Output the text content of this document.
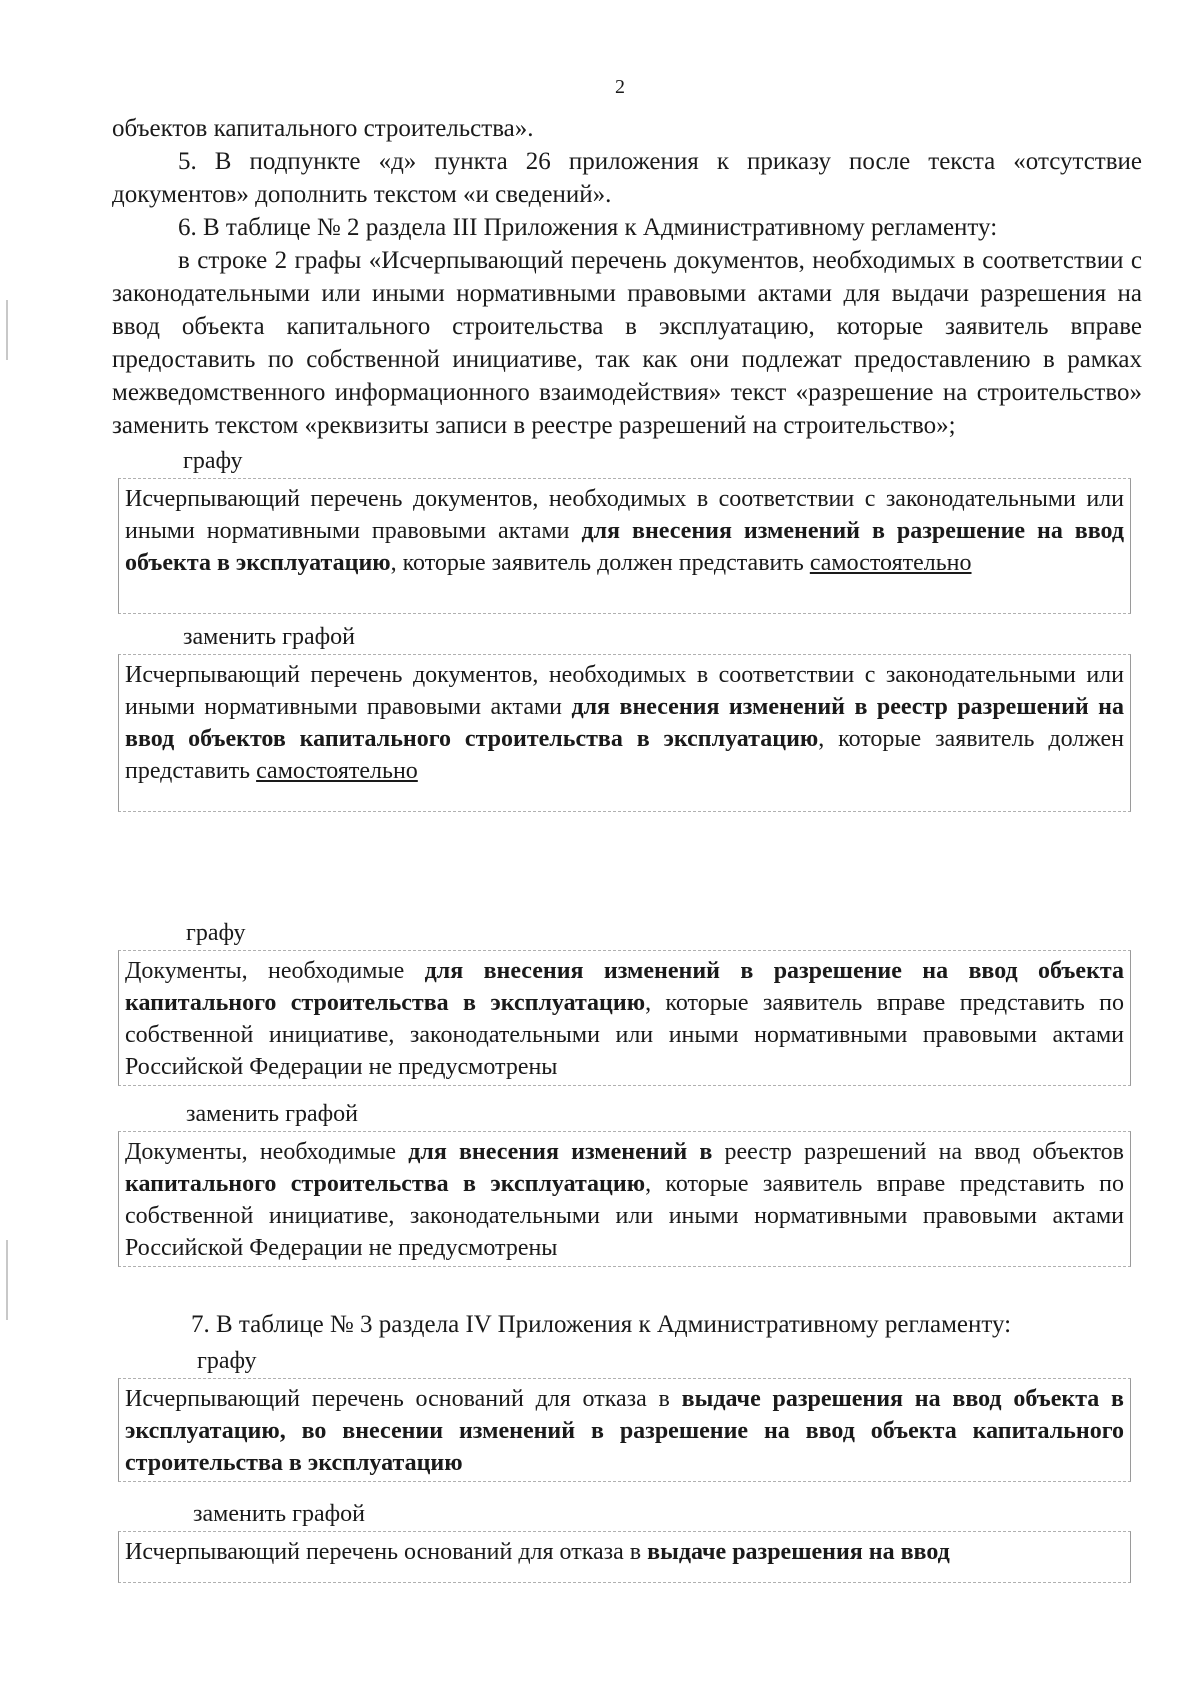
2

объектов капитального строительства».

5. В подпункте «д» пункта 26 приложения к приказу после текста «отсутствие документов» дополнить текстом «и сведений».

6. В таблице № 2 раздела III Приложения к Административному регламенту:

в строке 2 графы «Исчерпывающий перечень документов, необходимых в соответствии с законодательными или иными нормативными правовыми актами для выдачи разрешения на ввод объекта капитального строительства в эксплуатацию, которые заявитель вправе предоставить по собственной инициативе, так как они подлежат предоставлению в рамках межведомственного информационного взаимодействия» текст «разрешение на строительство» заменить текстом «реквизиты записи в реестре разрешений на строительство»;

графу
Исчерпывающий перечень документов, необходимых в соответствии с законодательными или иными нормативными правовыми актами для внесения изменений в разрешение на ввод объекта в эксплуатацию, которые заявитель должен представить самостоятельно
заменить графой
Исчерпывающий перечень документов, необходимых в соответствии с законодательными или иными нормативными правовыми актами для внесения изменений в реестр разрешений на ввод объектов капитального строительства в эксплуатацию, которые заявитель должен представить самостоятельно
графу
Документы, необходимые для внесения изменений в разрешение на ввод объекта капитального строительства в эксплуатацию, которые заявитель вправе представить по собственной инициативе, законодательными или иными нормативными правовыми актами Российской Федерации не предусмотрены
заменить графой
Документы, необходимые для внесения изменений в реестр разрешений на ввод объектов капитального строительства в эксплуатацию, которые заявитель вправе представить по собственной инициативе, законодательными или иными нормативными правовыми актами Российской Федерации не предусмотрены

7. В таблице № 3 раздела IV Приложения к Административному регламенту:

графу
Исчерпывающий перечень оснований для отказа в выдаче разрешения на ввод объекта в эксплуатацию, во внесении изменений в разрешение на ввод объекта капитального строительства в эксплуатацию
заменить графой
Исчерпывающий перечень оснований для отказа в выдаче разрешения на ввод
